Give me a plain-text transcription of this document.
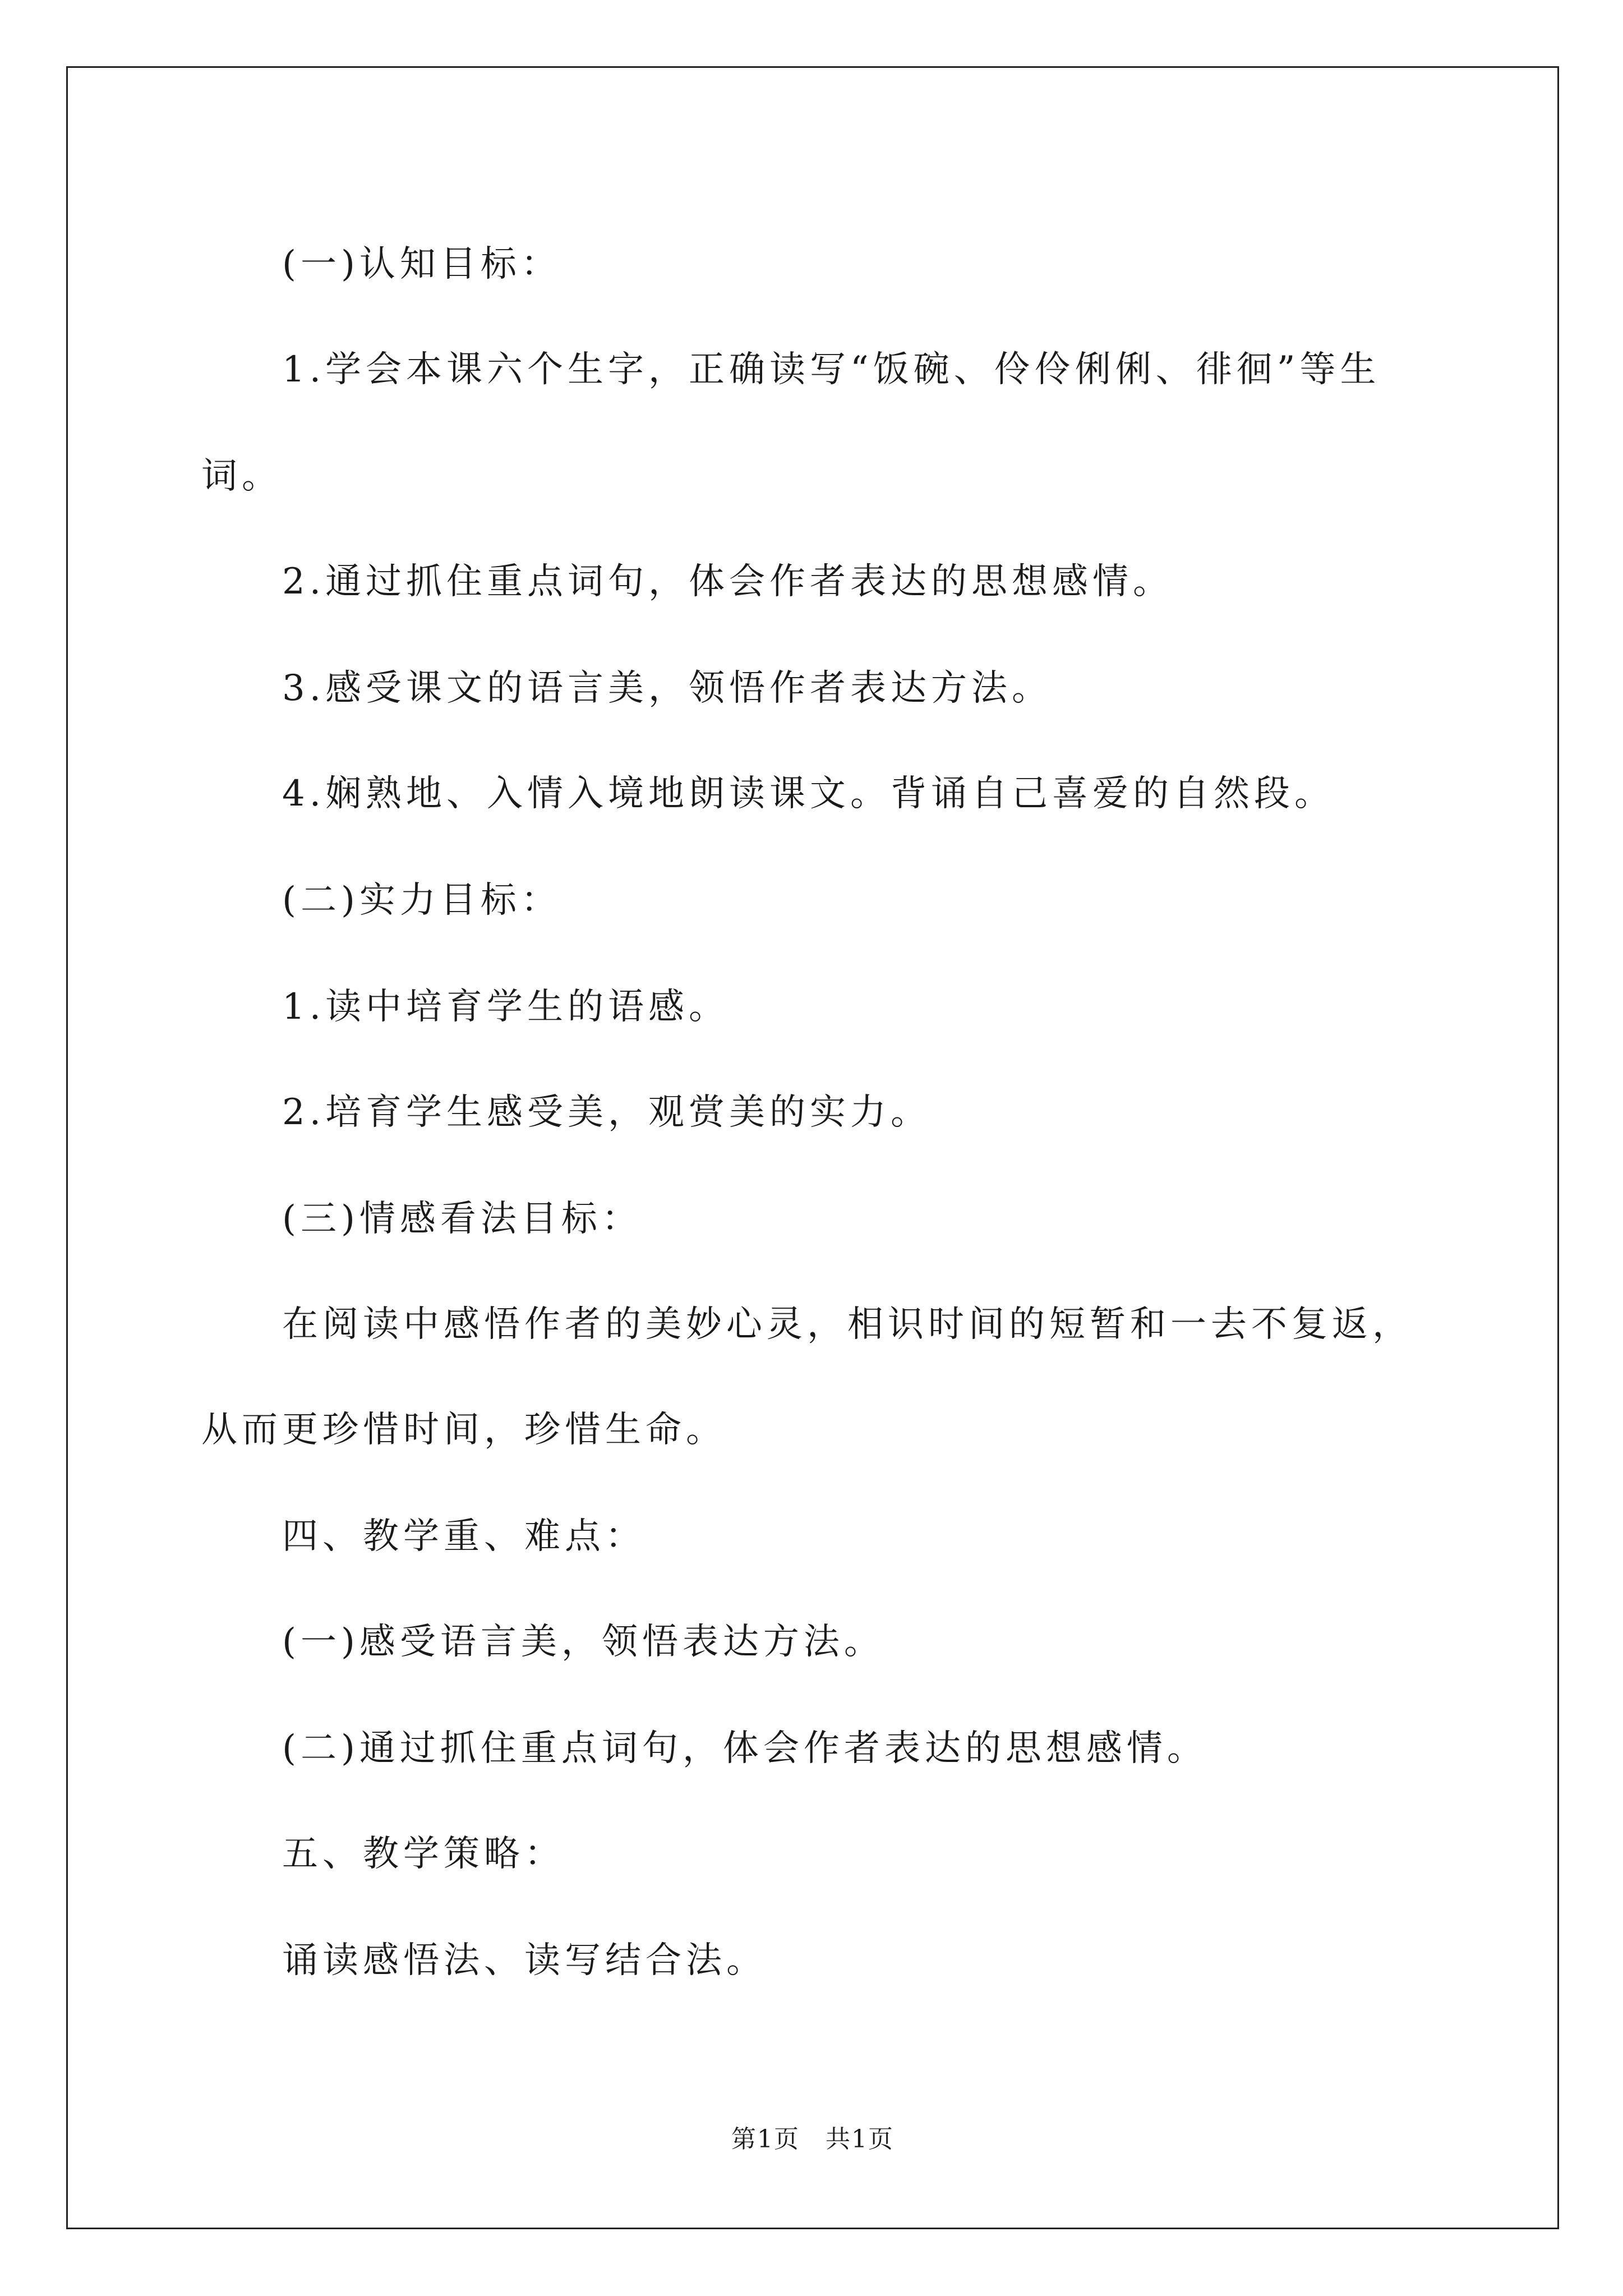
(一)认知目标：
1.学会本课六个生字，正确读写“饭碗、伶伶俐俐、徘徊”等生
词。
2.通过抓住重点词句，体会作者表达的思想感情。
3.感受课文的语言美，领悟作者表达方法。
4.娴熟地、入情入境地朗读课文。背诵自己喜爱的自然段。
(二)实力目标：
1.读中培育学生的语感。
2.培育学生感受美，观赏美的实力。
(三)情感看法目标：
在阅读中感悟作者的美妙心灵，相识时间的短暂和一去不复返，
从而更珍惜时间，珍惜生命。
四、教学重、难点：
(一)感受语言美，领悟表达方法。
(二)通过抓住重点词句，体会作者表达的思想感情。
五、教学策略：
诵读感悟法、读写结合法。
第1页　共1页
